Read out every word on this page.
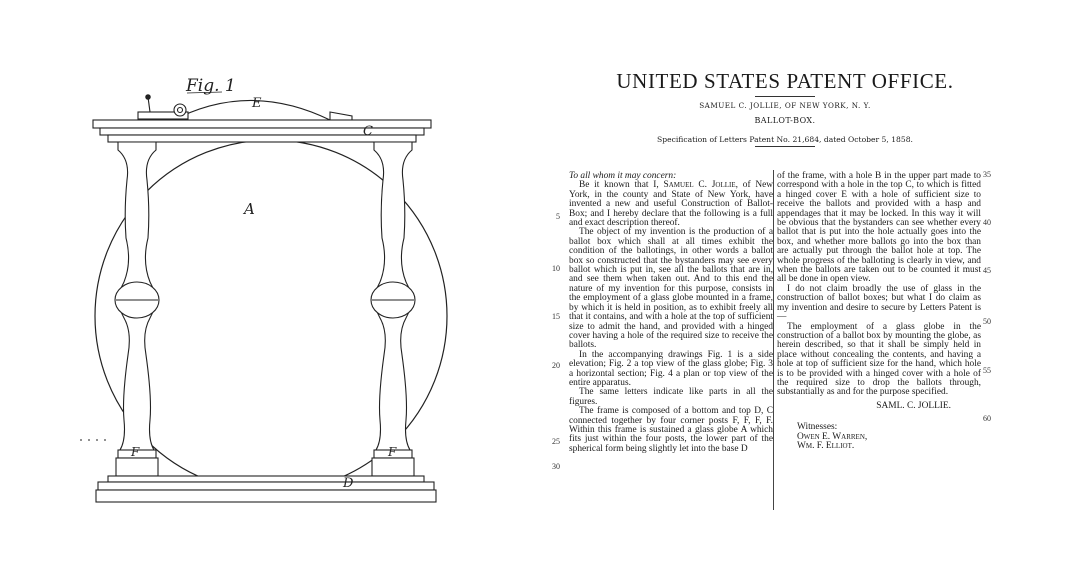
Fig. 1
A
C
D
E
F	F
UNITED STATES PATENT OFFICE.
SAMUEL C. JOLLIE, OF NEW YORK, N. Y.
BALLOT-BOX.
Specification of Letters Patent No. 21,684, dated October 5, 1858.

To all whom it may concern:

Be it known that I, Samuel C. Jollie, of New York, in the county and State of New York, have invented a new and useful Construction of Ballot-Box; and I hereby declare that the following is a full and exact description thereof.

The object of my invention is the production of a ballot box which shall at all times exhibit the condition of the ballotings, in other words a ballot box so constructed that the bystanders may see every ballot which is put in, see all the ballots that are in, and see them when taken out. And to this end the nature of my invention for this purpose, consists in the employment of a glass globe mounted in a frame, by which it is held in position, as to exhibit freely all that it contains, and with a hole at the top of sufficient size to admit the hand, and provided with a hinged cover having a hole of the required size to receive the ballots.

In the accompanying drawings Fig. 1 is a side elevation; Fig. 2 a top view of the glass globe; Fig. 3 a horizontal section; Fig. 4 a plan or top view of the entire apparatus.

The same letters indicate like parts in all the figures.

The frame is composed of a bottom and top D, C connected together by four corner posts F, F, F, F. Within this frame is sustained a glass globe A which fits just within the four posts, the lower part of the spherical form being slightly let into the base D

of the frame, with a hole B in the upper part made to correspond with a hole in the top C, to which is fitted a hinged cover E with a hole of sufficient size to receive the ballots and provided with a hasp and appendages that it may be locked. In this way it will be obvious that the bystanders can see whether every ballot that is put into the hole actually goes into the box, and whether more ballots go into the box than are actually put through the ballot hole at top. The whole progress of the balloting is clearly in view, and when the ballots are taken out to be counted it must all be done in open view.

I do not claim broadly the use of glass in the construction of ballot boxes; but what I do claim as my invention and desire to secure by Letters Patent is—

The employment of a glass globe in the construction of a ballot box by mounting the globe, as herein described, so that it shall be simply held in place without concealing the contents, and having a hole at top of sufficient size for the hand, which hole is to be provided with a hinged cover with a hole of the required size to drop the ballots through, substantially as and for the purpose specified.

SAML. C. JOLLIE.

Witnesses:

Owen E. Warren,

Wm. F. Elliot.

5
10
15
20
25
30
35
40
45
50
55
60
